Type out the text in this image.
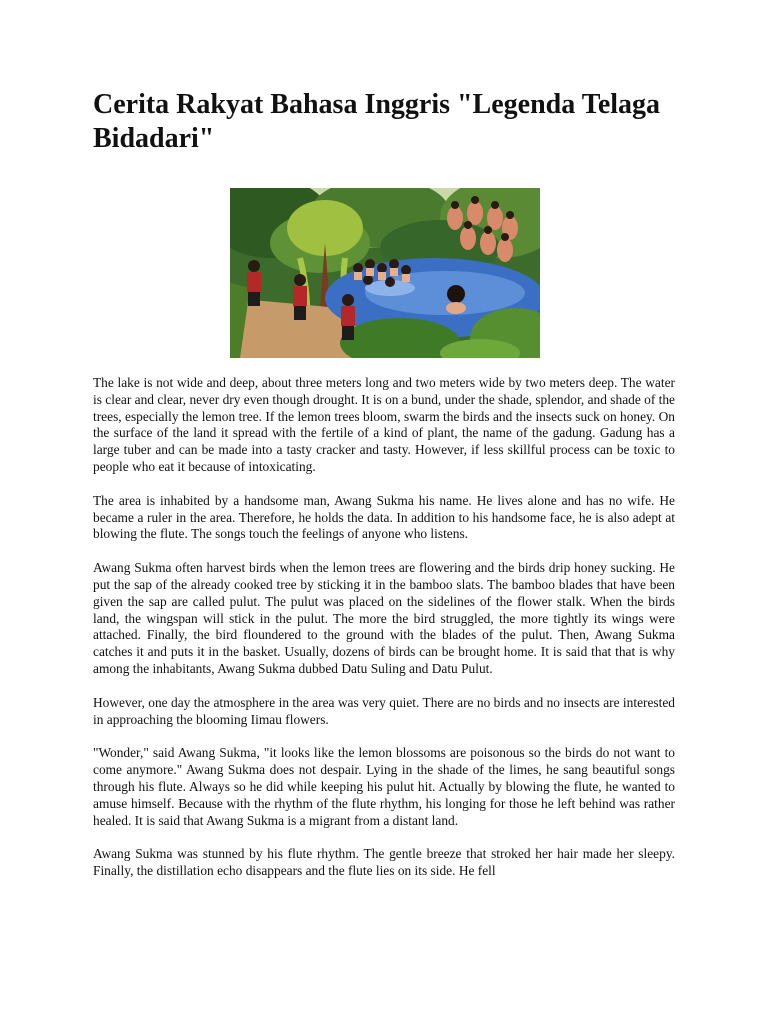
Cerita Rakyat Bahasa Inggris "Legenda Telaga Bidadari"

The lake is not wide and deep, about three meters long and two meters wide by two meters deep. The water is clear and clear, never dry even though drought. It is on a bund, under the shade, splendor, and shade of the trees, especially the lemon tree. If the lemon trees bloom, swarm the birds and the insects suck on honey. On the surface of the land it spread with the fertile of a kind of plant, the name of the gadung. Gadung has a large tuber and can be made into a tasty cracker and tasty. However, if less skillful process can be toxic to people who eat it because of intoxicating.

The area is inhabited by a handsome man, Awang Sukma his name. He lives alone and has no wife. He became a ruler in the area. Therefore, he holds the data. In addition to his handsome face, he is also adept at blowing the flute. The songs touch the feelings of anyone who listens.

Awang Sukma often harvest birds when the lemon trees are flowering and the birds drip honey sucking. He put the sap of the already cooked tree by sticking it in the bamboo slats. The bamboo blades that have been given the sap are called pulut. The pulut was placed on the sidelines of the flower stalk. When the birds land, the wingspan will stick in the pulut. The more the bird struggled, the more tightly its wings were attached. Finally, the bird floundered to the ground with the blades of the pulut. Then, Awang Sukma catches it and puts it in the basket. Usually, dozens of birds can be brought home. It is said that that is why among the inhabitants, Awang Sukma dubbed Datu Suling and Datu Pulut.

However, one day the atmosphere in the area was very quiet. There are no birds and no insects are interested in approaching the blooming Iimau flowers.

"Wonder," said Awang Sukma, "it looks like the lemon blossoms are poisonous so the birds do not want to come anymore." Awang Sukma does not despair. Lying in the shade of the limes, he sang beautiful songs through his flute. Always so he did while keeping his pulut hit. Actually by blowing the flute, he wanted to amuse himself. Because with the rhythm of the flute rhythm, his longing for those he left behind was rather healed. It is said that Awang Sukma is a migrant from a distant land.

Awang Sukma was stunned by his flute rhythm. The gentle breeze that stroked her hair made her sleepy. Finally, the distillation echo disappears and the flute lies on its side. He fell
